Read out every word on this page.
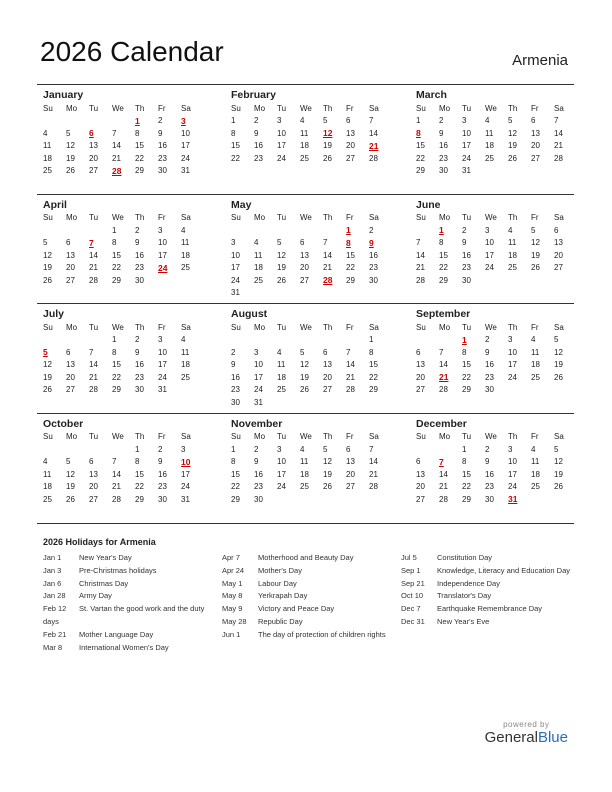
2026 Calendar	Armenia
January
Su	Mo	Tu	We	Th	Fr	Sa
				1	2	3
4	5	6	7	8	9	10
11	12	13	14	15	16	17
18	19	20	21	22	23	24
25	26	27	28	29	30	31
February
Su	Mo	Tu	We	Th	Fr	Sa
1	2	3	4	5	6	7
8	9	10	11	12	13	14
15	16	17	18	19	20	21
22	23	24	25	26	27	28
March
Su	Mo	Tu	We	Th	Fr	Sa
1	2	3	4	5	6	7
8	9	10	11	12	13	14
15	16	17	18	19	20	21
22	23	24	25	26	27	28
29	30	31				
April
Su	Mo	Tu	We	Th	Fr	Sa
			1	2	3	4
5	6	7	8	9	10	11
12	13	14	15	16	17	18
19	20	21	22	23	24	25
26	27	28	29	30		
May
Su	Mo	Tu	We	Th	Fr	Sa
					1	2
3	4	5	6	7	8	9
10	11	12	13	14	15	16
17	18	19	20	21	22	23
24	25	26	27	28	29	30
31						
June
Su	Mo	Tu	We	Th	Fr	Sa
	1	2	3	4	5	6
7	8	9	10	11	12	13
14	15	16	17	18	19	20
21	22	23	24	25	26	27
28	29	30				
July
Su	Mo	Tu	We	Th	Fr	Sa
			1	2	3	4
5	6	7	8	9	10	11
12	13	14	15	16	17	18
19	20	21	22	23	24	25
26	27	28	29	30	31	
August
Su	Mo	Tu	We	Th	Fr	Sa
						1
2	3	4	5	6	7	8
9	10	11	12	13	14	15
16	17	18	19	20	21	22
23	24	25	26	27	28	29
30	31					
September
Su	Mo	Tu	We	Th	Fr	Sa
		1	2	3	4	5
6	7	8	9	10	11	12
13	14	15	16	17	18	19
20	21	22	23	24	25	26
27	28	29	30			
October
Su	Mo	Tu	We	Th	Fr	Sa
				1	2	3
4	5	6	7	8	9	10
11	12	13	14	15	16	17
18	19	20	21	22	23	24
25	26	27	28	29	30	31
November
Su	Mo	Tu	We	Th	Fr	Sa
1	2	3	4	5	6	7
8	9	10	11	12	13	14
15	16	17	18	19	20	21
22	23	24	25	26	27	28
29	30					
December
Su	Mo	Tu	We	Th	Fr	Sa
		1	2	3	4	5
6	7	8	9	10	11	12
13	14	15	16	17	18	19
20	21	22	23	24	25	26
27	28	29	30	31		
2026 Holidays for Armenia
Jan 1 New Year's Day
Jan 3 Pre-Christmas holidays
Jan 6 Christmas Day
Jan 28 Army Day
Feb 12 St. Vartan the good work and the duty days
Feb 21 Mother Language Day
Mar 8 International Women's Day
Apr 7 Motherhood and Beauty Day
Apr 24 Mother's Day
May 1 Labour Day
May 8 Yerkrapah Day
May 9 Victory and Peace Day
May 28 Republic Day
Jun 1 The day of protection of children rights
Jul 5	Constitution Day
Sep 1 Knowledge, Literacy and Education Day
Sep 21 Independence Day
Oct 10 Translator's Day
Dec 7 Earthquake Remembrance Day
Dec 31 New Year's Eve
powered by
GeneralBlue
